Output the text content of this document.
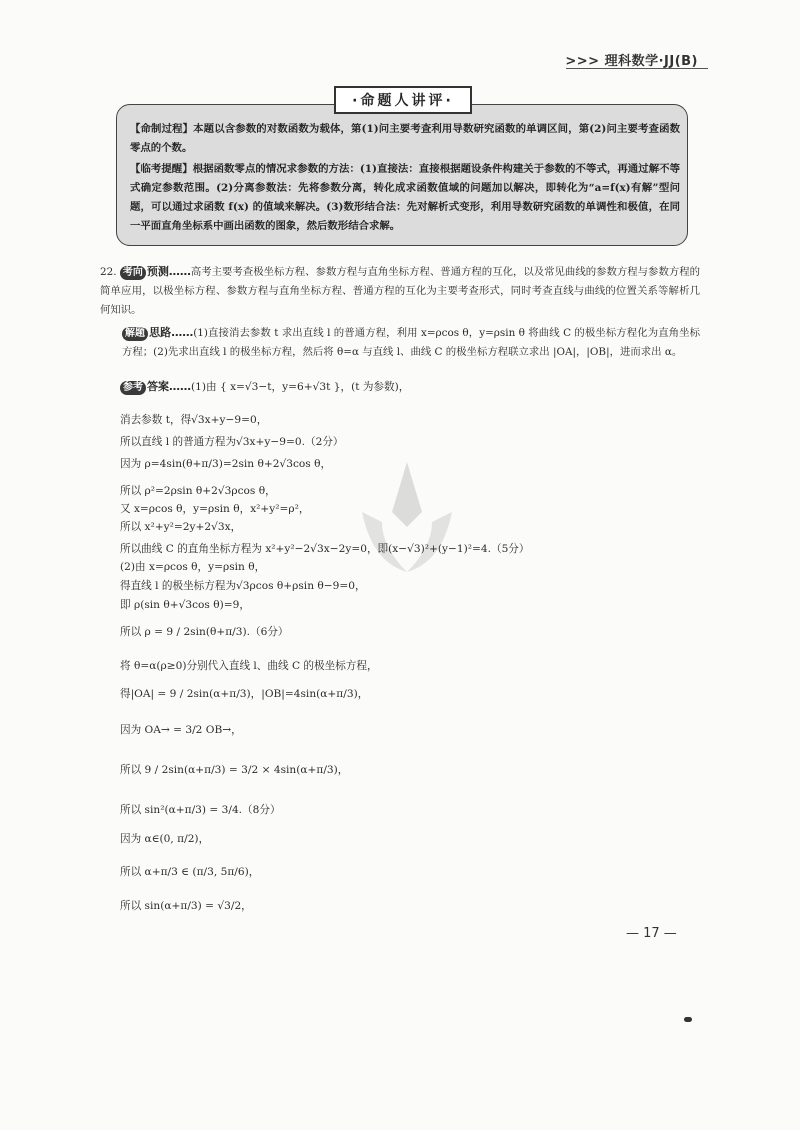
>>> 理科数学·JJ(B)
·命题人讲评·

【命制过程】本题以含参数的对数函数为载体，第(1)问主要考查利用导数研究函数的单调区间，第(2)问主要考查函数零点的个数。

【临考提醒】根据函数零点的情况求参数的方法：(1)直接法：直接根据题设条件构建关于参数的不等式，再通过解不等式确定参数范围。(2)分离参数法：先将参数分离，转化成求函数值域的问题加以解决，即转化为“a=f(x)有解”型问题，可以通过求函数 f(x) 的值域来解决。(3)数形结合法：先对解析式变形，利用导数研究函数的单调性和极值，在同一平面直角坐标系中画出函数的图象，然后数形结合求解。

22. 考向 预测……高考主要考查极坐标方程、参数方程与直角坐标方程、普通方程的互化，以及常见曲线的参数方程与参数方程的简单应用，以极坐标方程、参数方程与直角坐标方程、普通方程的互化为主要考查形式，同时考查直线与曲线的位置关系等解析几何知识。

解题 思路……(1)直接消去参数 t 求出直线 l 的普通方程，利用 x=ρcos θ，y=ρsin θ 将曲线 C 的极坐标方程化为直角坐标方程；(2)先求出直线 l 的极坐标方程，然后将 θ=α 与直线 l、曲线 C 的极坐标方程联立求出 |OA|，|OB|，进而求出 α。

参考 答案……(1)由 { x=√3−t，y=6+√3t }，(t 为参数)，
消去参数 t，得√3x+y−9=0，
所以直线 l 的普通方程为√3x+y−9=0.（2分）
因为 ρ=4sin(θ+π/3)=2sin θ+2√3cos θ，
所以 ρ²=2ρsin θ+2√3ρcos θ，
又 x=ρcos θ，y=ρsin θ，x²+y²=ρ²，
所以 x²+y²=2y+2√3x，
所以曲线 C 的直角坐标方程为 x²+y²−2√3x−2y=0，即(x−√3)²+(y−1)²=4.（5分）
(2)由 x=ρcos θ，y=ρsin θ，
得直线 l 的极坐标方程为√3ρcos θ+ρsin θ−9=0，
即 ρ(sin θ+√3cos θ)=9，
所以 ρ = 9 / 2sin(θ+π/3).（6分）
将 θ=α(ρ≥0)分别代入直线 l、曲线 C 的极坐标方程，
得|OA| = 9 / 2sin(α+π/3)，|OB|=4sin(α+π/3)，
因为 OA→ = 3/2 OB→，
所以 9 / 2sin(α+π/3) = 3/2 × 4sin(α+π/3)，
所以 sin²(α+π/3) = 3/4.（8分）
因为 α∈(0, π/2)，
所以 α+π/3 ∈ (π/3, 5π/6)，
所以 sin(α+π/3) = √3/2，
— 17 —
